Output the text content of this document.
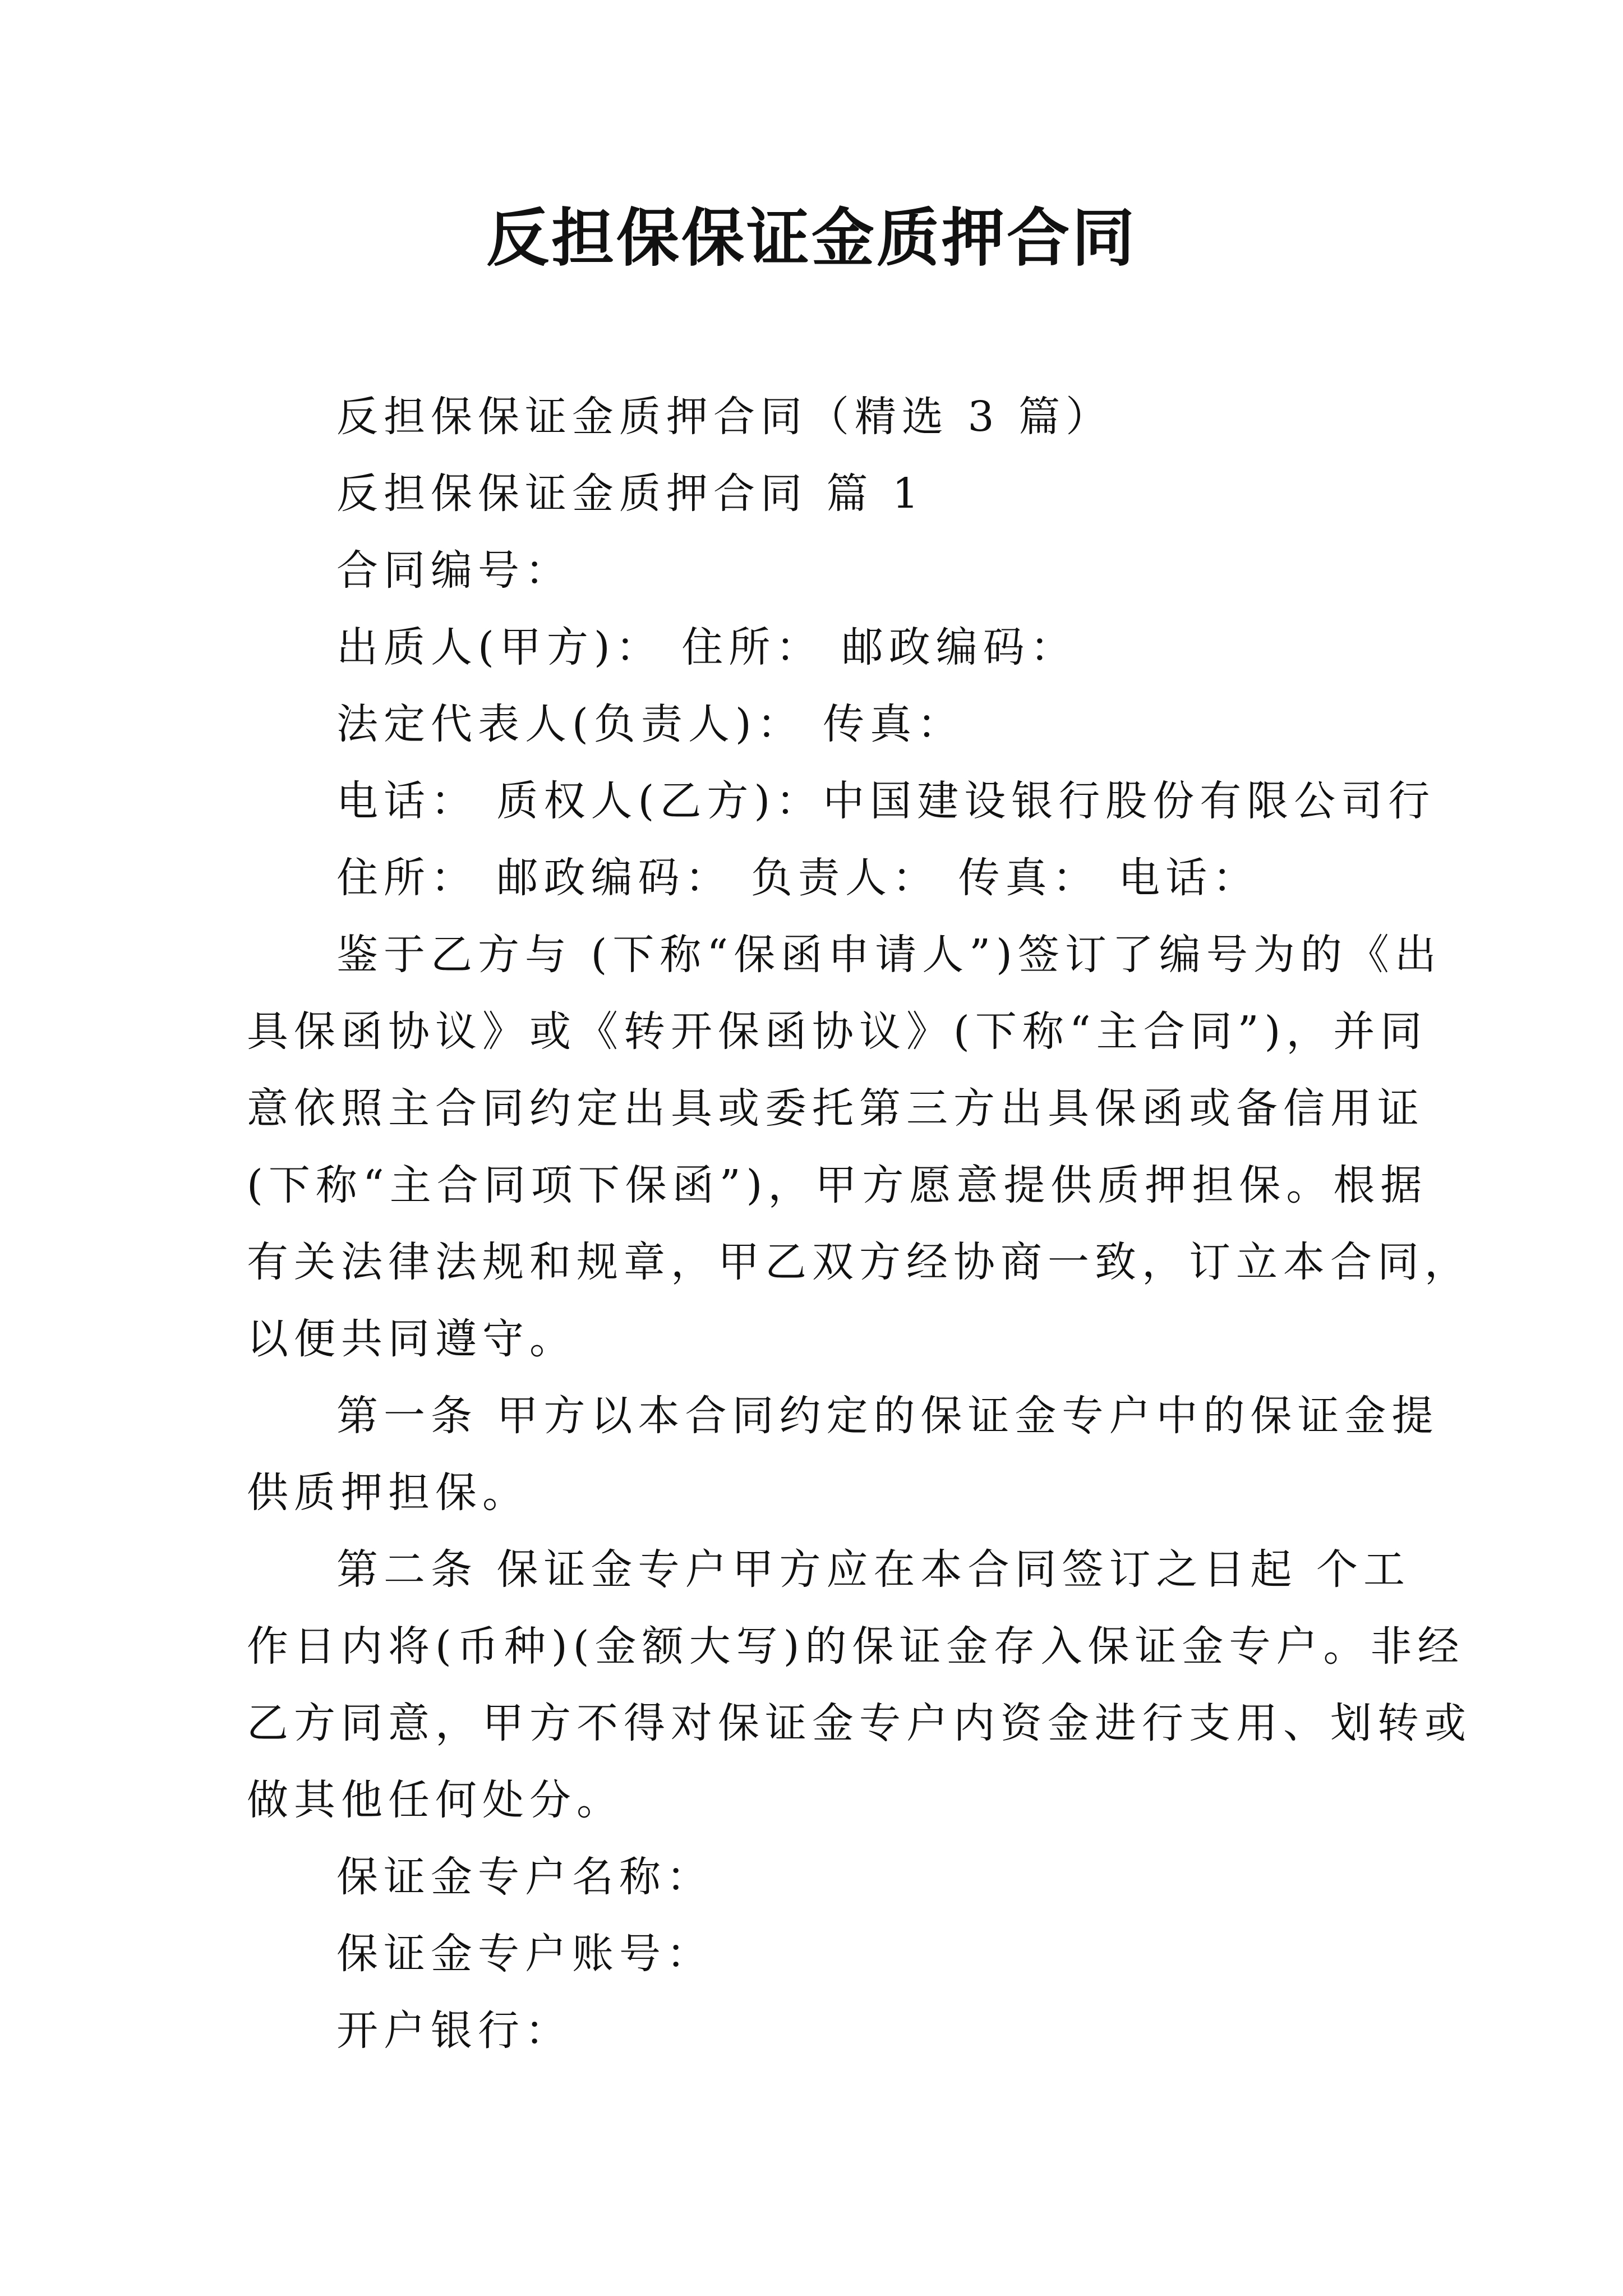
反担保保证金质押合同

反担保保证金质押合同（精选 3 篇）

反担保保证金质押合同 篇 1

合同编号：

出质人(甲方)： 住所： 邮政编码：

法定代表人(负责人)： 传真：

电话： 质权人(乙方)：中国建设银行股份有限公司行

住所： 邮政编码： 负责人： 传真： 电话：

鉴于乙方与 (下称“保函申请人”)签订了编号为的《出

具保函协议》或《转开保函协议》(下称“主合同”)，并同

意依照主合同约定出具或委托第三方出具保函或备信用证

(下称“主合同项下保函”)，甲方愿意提供质押担保。根据

有关法律法规和规章，甲乙双方经协商一致，订立本合同，

以便共同遵守。

第一条 甲方以本合同约定的保证金专户中的保证金提

供质押担保。

第二条 保证金专户甲方应在本合同签订之日起 个工

作日内将(币种)(金额大写)的保证金存入保证金专户。非经

乙方同意，甲方不得对保证金专户内资金进行支用、划转或

做其他任何处分。

保证金专户名称：

保证金专户账号：

开户银行：
